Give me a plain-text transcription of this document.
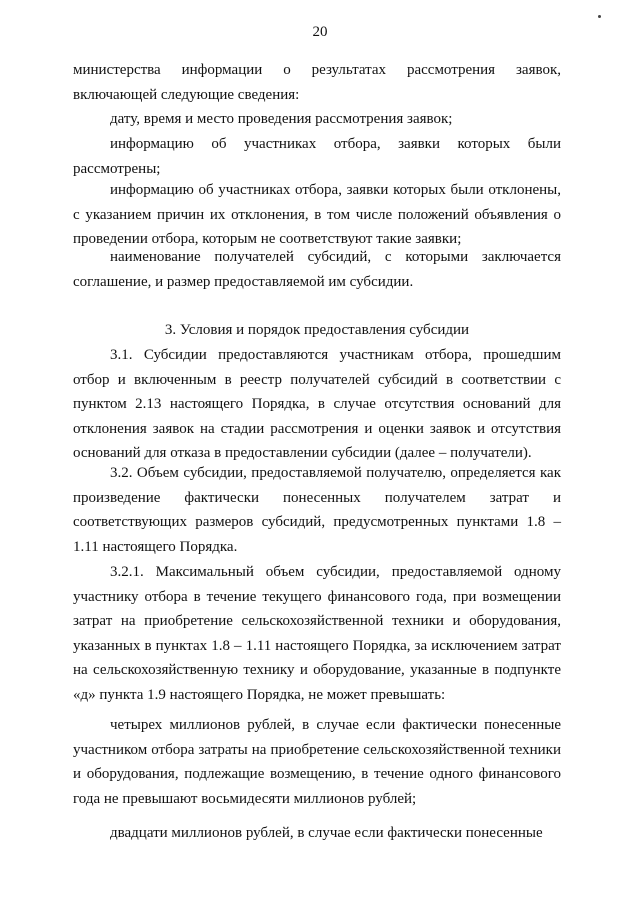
20

министерства информации о результатах рассмотрения заявок, включающей следующие сведения:

дату, время и место проведения рассмотрения заявок;

информацию об участниках отбора, заявки которых были рассмотрены;

информацию об участниках отбора, заявки которых были отклонены, с указанием причин их отклонения, в том числе положений объявления о проведении отбора, которым не соответствуют такие заявки;

наименование получателей субсидий, с которыми заключается соглашение, и размер предоставляемой им субсидии.

3. Условия и порядок предоставления субсидии

3.1. Субсидии предоставляются участникам отбора, прошедшим отбор и включенным в реестр получателей субсидий в соответствии с пунктом 2.13 настоящего Порядка, в случае отсутствия оснований для отклонения заявок на стадии рассмотрения и оценки заявок и отсутствия оснований для отказа в предоставлении субсидии (далее – получатели).

3.2. Объем субсидии, предоставляемой получателю, определяется как произведение фактически понесенных получателем затрат и соответствующих размеров субсидий, предусмотренных пунктами 1.8 – 1.11 настоящего Порядка.

3.2.1. Максимальный объем субсидии, предоставляемой одному участнику отбора в течение текущего финансового года, при возмещении затрат на приобретение сельскохозяйственной техники и оборудования, указанных в пунктах 1.8 – 1.11 настоящего Порядка, за исключением затрат на сельскохозяйственную технику и оборудование, указанные в подпункте «д» пункта 1.9 настоящего Порядка, не может превышать:

четырех миллионов рублей, в случае если фактически понесенные участником отбора затраты на приобретение сельскохозяйственной техники и оборудования, подлежащие возмещению, в течение одного финансового года не превышают восьмидесяти миллионов рублей;

двадцати миллионов рублей, в случае если фактически понесенные
